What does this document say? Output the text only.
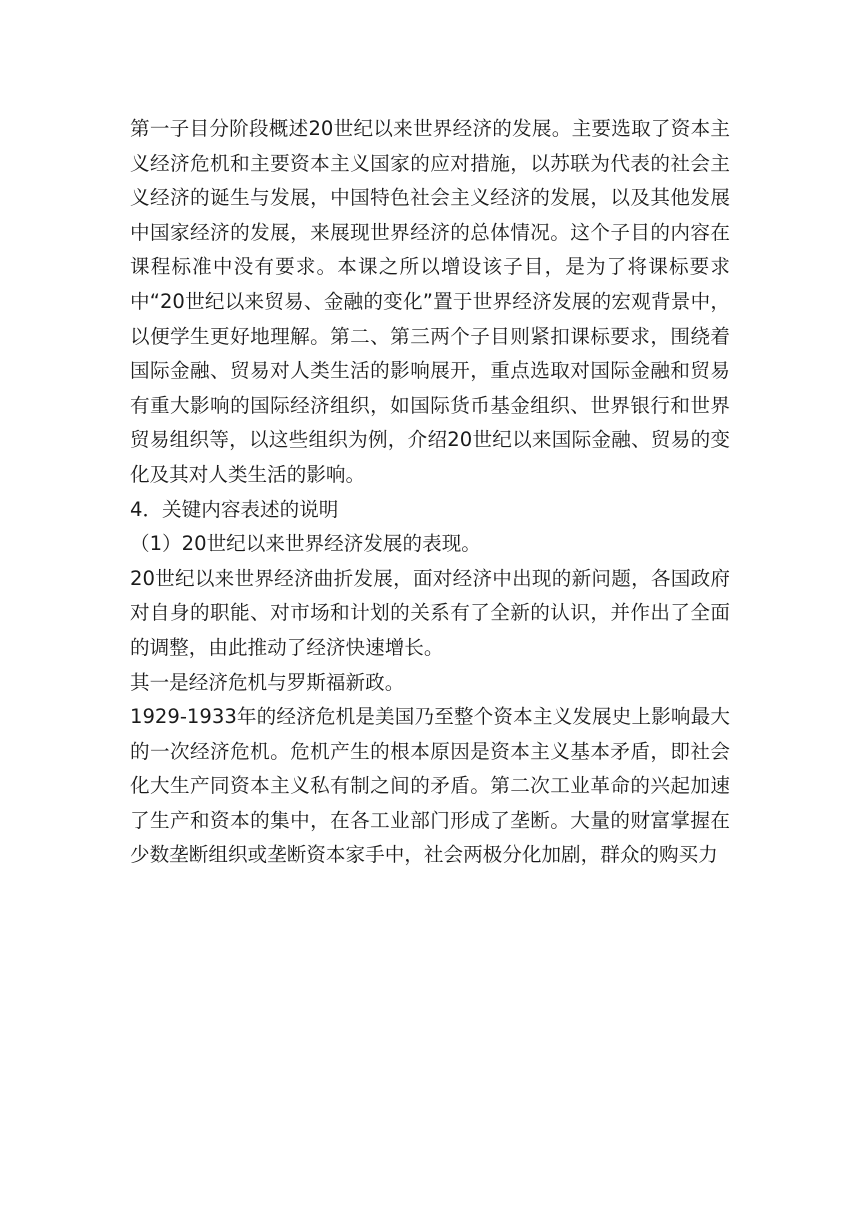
第一子目分阶段概述20世纪以来世界经济的发展。主要选取了资本主义经济危机和主要资本主义国家的应对措施，以苏联为代表的社会主义经济的诞生与发展，中国特色社会主义经济的发展，以及其他发展中国家经济的发展，来展现世界经济的总体情况。这个子目的内容在课程标准中没有要求。本课之所以增设该子目，是为了将课标要求中“20世纪以来贸易、金融的变化”置于世界经济发展的宏观背景中，以便学生更好地理解。第二、第三两个子目则紧扣课标要求，围绕着国际金融、贸易对人类生活的影响展开，重点选取对国际金融和贸易有重大影响的国际经济组织，如国际货币基金组织、世界银行和世界贸易组织等，以这些组织为例，介绍20世纪以来国际金融、贸易的变化及其对人类生活的影响。

4．关键内容表述的说明

（1）20世纪以来世界经济发展的表现。

20世纪以来世界经济曲折发展，面对经济中出现的新问题，各国政府对自身的职能、对市场和计划的关系有了全新的认识，并作出了全面的调整，由此推动了经济快速增长。

其一是经济危机与罗斯福新政。

1929-1933年的经济危机是美国乃至整个资本主义发展史上影响最大的一次经济危机。危机产生的根本原因是资本主义基本矛盾，即社会化大生产同资本主义私有制之间的矛盾。第二次工业革命的兴起加速了生产和资本的集中，在各工业部门形成了垄断。大量的财富掌握在少数垄断组织或垄断资本家手中，社会两极分化加剧，群众的购买力
